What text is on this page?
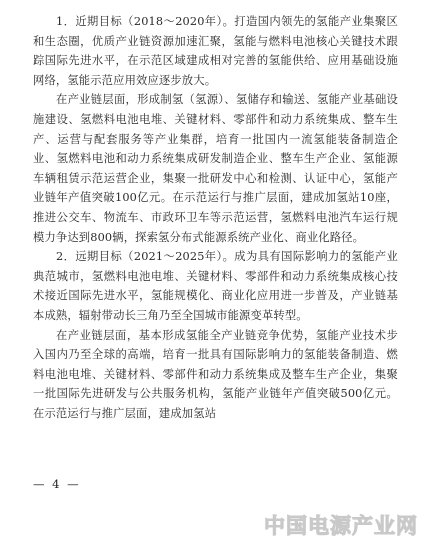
1．近期目标（2018～2020年）。打造国内领先的氢能产业集聚区和生态圈，优质产业链资源加速汇聚，氢能与燃料电池核心关键技术跟踪国际先进水平，在示范区域建成相对完善的氢能供给、应用基础设施网络，氢能示范应用效应逐步放大。

在产业链层面，形成制氢（氢源）、氢储存和输送、氢能产业基础设施建设、氢燃料电池电堆、关键材料、零部件和动力系统集成、整车生产、运营与配套服务等产业集群，培育一批国内一流氢能装备制造企业、氢燃料电池和动力系统集成研发制造企业、整车生产企业、氢能源车辆租赁示范运营企业，集聚一批研发中心和检测、认证中心，氢能产业链年产值突破100亿元。在示范运行与推广层面，建成加氢站10座，推进公交车、物流车、市政环卫车等示范运营，氢燃料电池汽车运行规模力争达到800辆，探索氢分布式能源系统产业化、商业化路径。

2．远期目标（2021～2025年）。成为具有国际影响力的氢能产业典范城市，氢燃料电池电堆、关键材料、零部件和动力系统集成核心技术接近国际先进水平，氢能规模化、商业化应用进一步普及，产业链基本成熟，辐射带动长三角乃至全国城市能源变革转型。

在产业链层面，基本形成氢能全产业链竞争优势，氢能产业技术步入国内乃至全球的高端，培育一批具有国际影响力的氢能装备制造、燃料电池电堆、关键材料、零部件和动力系统集成及整车生产企业，集聚一批国际先进研发与公共服务机构，氢能产业链年产值突破500亿元。在示范运行与推广层面，建成加氢站

— 4 —
中国电源产业网
